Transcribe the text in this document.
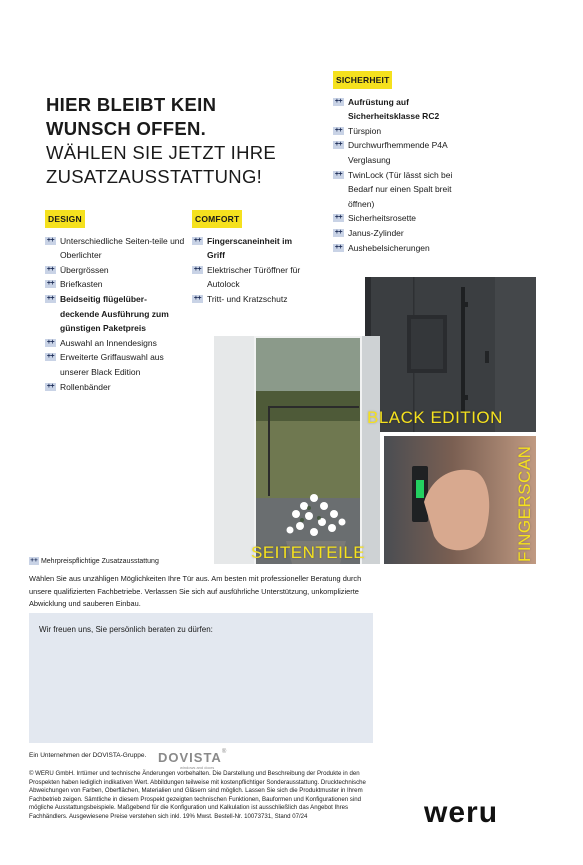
HIER BLEIBT KEIN
WUNSCH OFFEN.
WÄHLEN SIE JETZT IHRE
ZUSATZAUSSTATTUNG!
SICHERHEIT
++ Aufrüstung auf Sicherheitsklasse RC2
++ Türspion
++ Durchwurfhemmende P4A Verglasung
++ TwinLock (Tür lässt sich bei Bedarf nur einen Spalt breit öffnen)
++ Sicherheitsrosette
++ Janus-Zylinder
++ Aushebelsicherungen
DESIGN
++ Unterschiedliche Seiten-teile und Oberlichter
++ Übergrössen
++ Briefkasten
++ Beidseitig flügelüber-deckende Ausführung zum günstigen Paketpreis
++ Auswahl an Innendesigns
++ Erweiterte Griffauswahl aus unserer Black Edition
++ Rollenbänder
COMFORT
++ Fingerscaneinheit im Griff
++ Elektrischer Türöffner für Autolock
++ Tritt- und Kratzschutz
BLACK EDITION
SEITENTEILE	FINGERSCAN
++ Mehrpreispflichtige Zusatzausstattung

Wählen Sie aus unzähligen Möglichkeiten Ihre Tür aus. Am besten mit professioneller Beratung durch unsere qualifizierten Fachbetriebe. Verlassen Sie sich auf ausführliche Unterstützung, unkomplizierte Abwicklung und sauberen Einbau.

Wir freuen uns, Sie persönlich beraten zu dürfen:
Ein Unternehmen der DOVISTA-Gruppe. DOVISTA®
windows and doors

© WERU GmbH. Irrtümer und technische Änderungen vorbehalten. Die Darstellung und Beschreibung der Produkte in den Prospekten haben lediglich indikativen Wert. Abbildungen teilweise mit kostenpflichtiger Sonderausstattung. Drucktechnische Abweichungen von Farben, Oberflächen, Materialien und Gläsern sind möglich. Lassen Sie sich die Produktmuster in Ihrem Fachbetrieb zeigen. Sämtliche in diesem Prospekt gezeigten technischen Funktionen, Bauformen und Konfigurationen sind mögliche Ausstattungsbeispiele. Maßgebend für die Konfiguration und Kalkulation ist ausschließlich das Angebot Ihres Fachhändlers. Ausgewiesene Preise verstehen sich inkl. 19% Mwst. Bestell-Nr. 10073731, Stand 07/24	weru
